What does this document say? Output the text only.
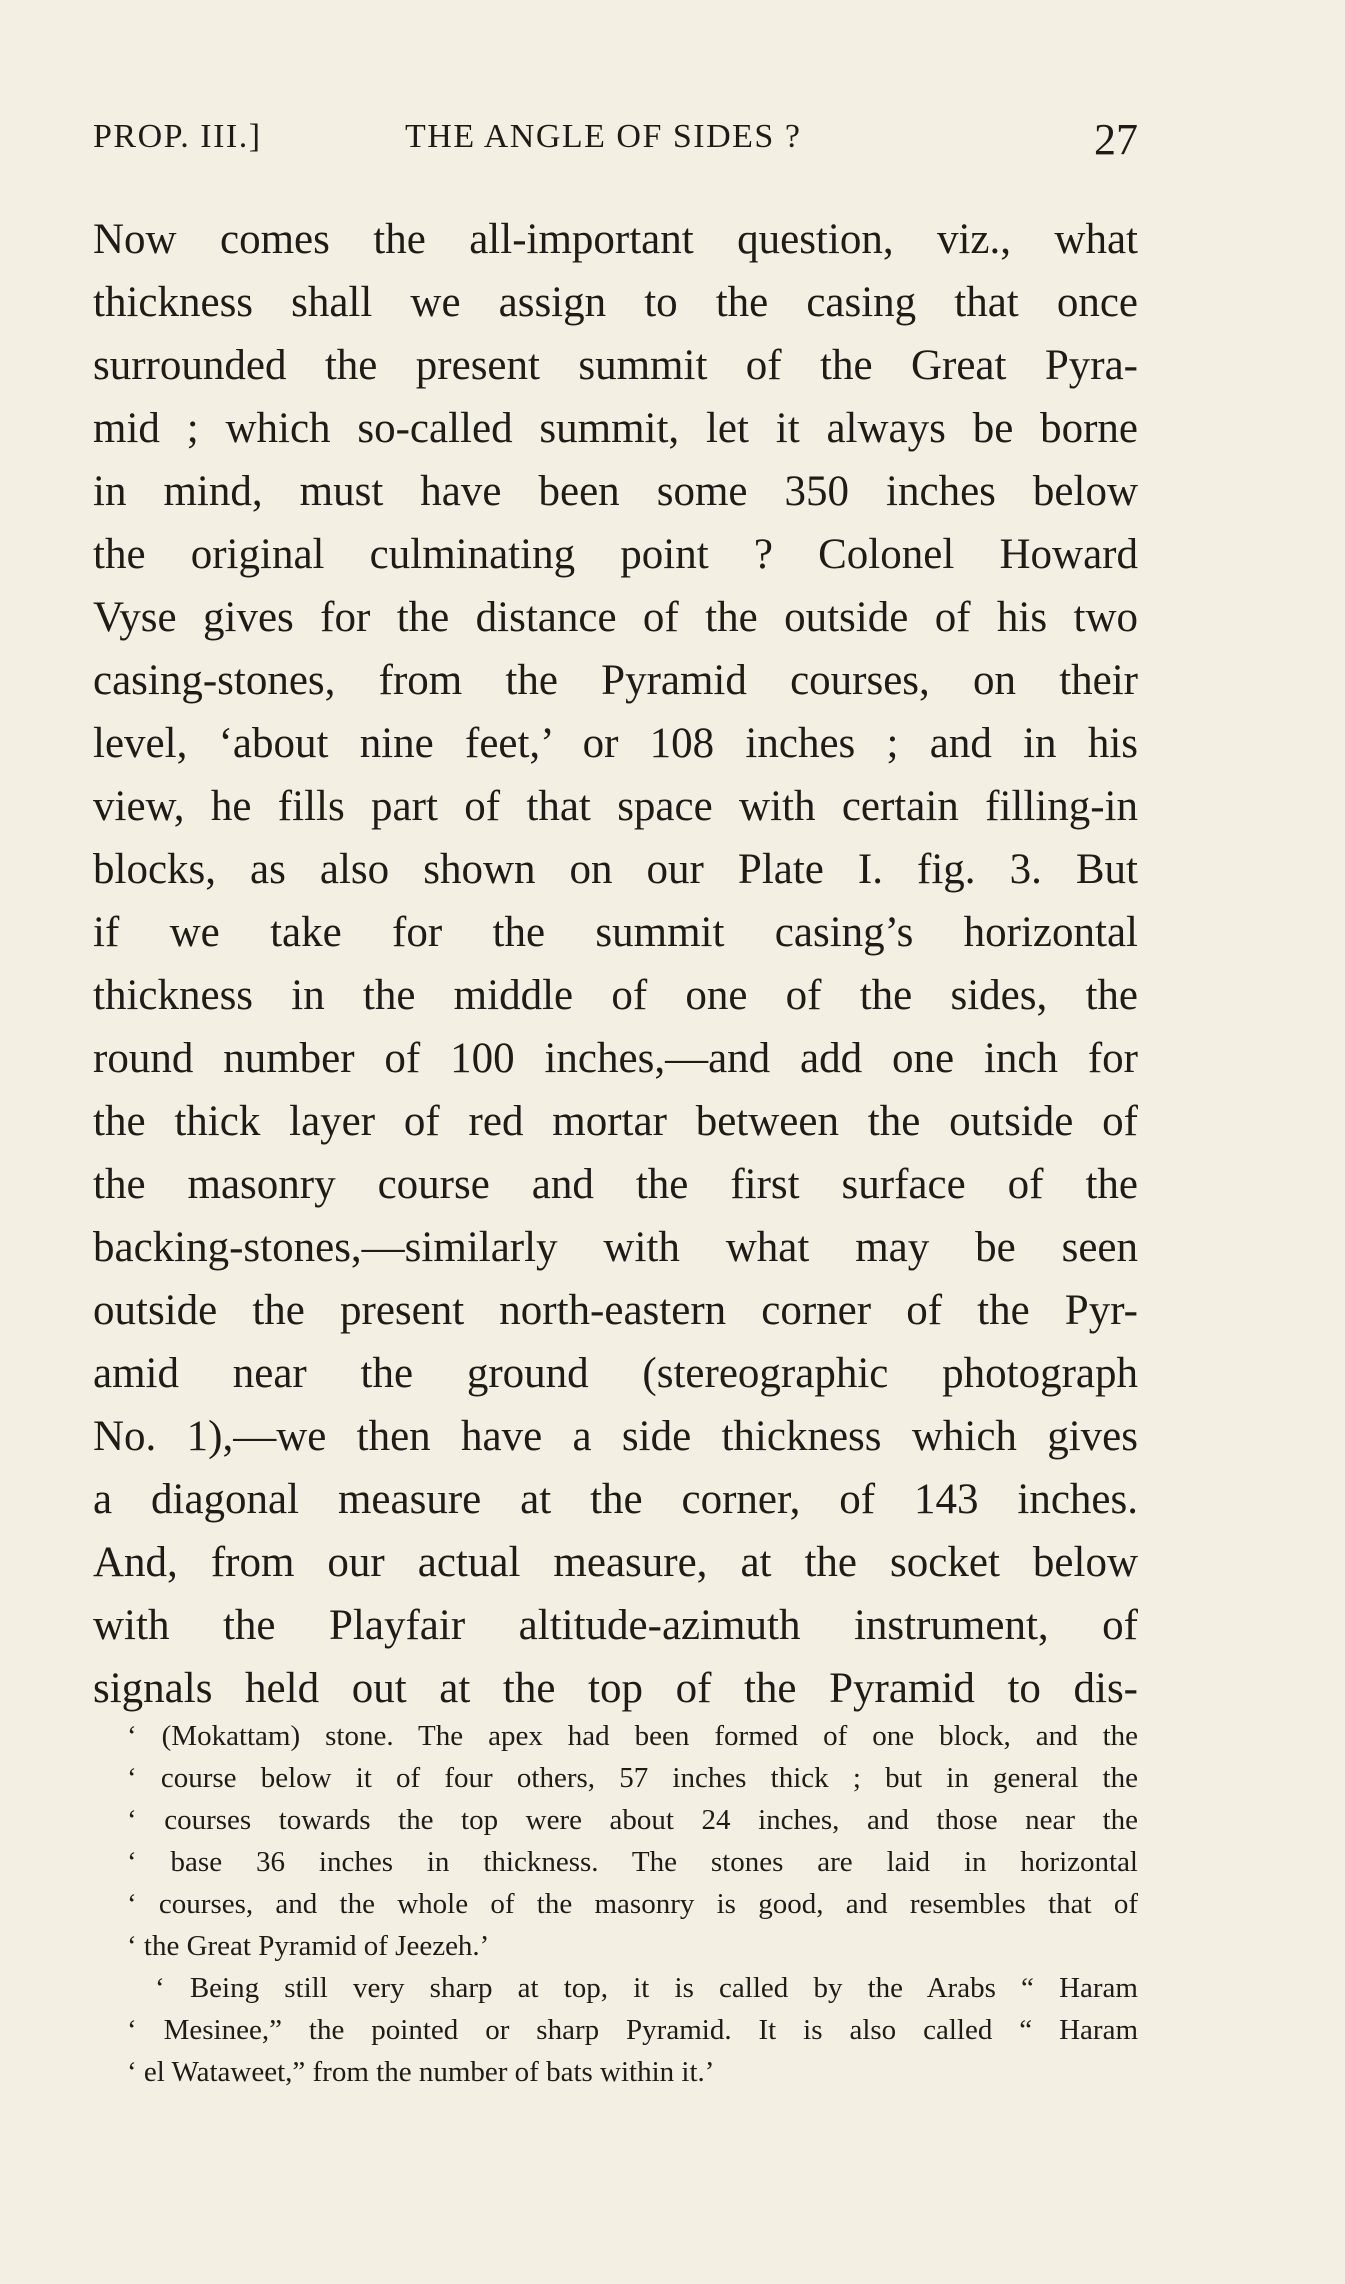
PROP. III.]	THE ANGLE OF SIDES ?	27
Now comes the all-important question, viz., what
thickness shall we assign to the casing that once
surrounded the present summit of the Great Pyra-
mid ; which so-called summit, let it always be borne
in mind, must have been some 350 inches below
the original culminating point ? Colonel Howard
Vyse gives for the distance of the outside of his two
casing-stones, from the Pyramid courses, on their
level, ‘about nine feet,’ or 108 inches ; and in his
view, he fills part of that space with certain filling-in
blocks, as also shown on our Plate I. fig. 3. But
if we take for the summit casing’s horizontal
thickness in the middle of one of the sides, the
round number of 100 inches,—and add one inch for
the thick layer of red mortar between the outside of
the masonry course and the first surface of the
backing-stones,—similarly with what may be seen
outside the present north-eastern corner of the Pyr-
amid near the ground (stereographic photograph
No. 1),—we then have a side thickness which gives
a diagonal measure at the corner, of 143 inches.
And, from our actual measure, at the socket below
with the Playfair altitude-azimuth instrument, of
signals held out at the top of the Pyramid to dis-
‘ (Mokattam) stone. The apex had been formed of one block, and the
‘ course below it of four others, 57 inches thick ; but in general the
‘ courses towards the top were about 24 inches, and those near the
‘ base 36 inches in thickness. The stones are laid in horizontal
‘ courses, and the whole of the masonry is good, and resembles that of
‘ the Great Pyramid of Jeezeh.’
‘ Being still very sharp at top, it is called by the Arabs “ Haram
‘ Mesinee,” the pointed or sharp Pyramid. It is also called “ Haram
‘ el Wataweet,” from the number of bats within it.’
